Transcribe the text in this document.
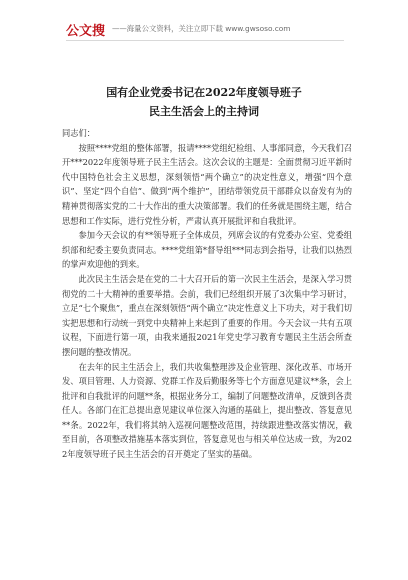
公文搜 ——海量公文资料，关注立即下载 www.gwsoso.com
国有企业党委书记在2022年度领导班子
民主生活会上的主持词

同志们：

按照****党组的整体部署，报请****党组纪检组、人事部同意，今天我们召开***2022年度领导班子民主生活会。这次会议的主题是：全面贯彻习近平新时代中国特色社会主义思想，深刻领悟“两个确立”的决定性意义，增强“四个意识”、坚定“四个自信”、做到“两个维护”，团结带领党员干部群众以奋发有为的精神贯彻落实党的二十大作出的重大决策部署。我们的任务就是围绕主题，结合思想和工作实际，进行党性分析，严肃认真开展批评和自我批评。

参加今天会议的有**领导班子全体成员，列席会议的有党委办公室、党委组织部和纪委主要负责同志。****党组第*督导组***同志到会指导，让我们以热烈的掌声欢迎他的到来。

此次民主生活会是在党的二十大召开后的第一次民主生活会，是深入学习贯彻党的二十大精神的重要举措。会前，我们已经组织开展了3次集中学习研讨，立足“七个聚焦”，重点在深刻领悟“两个确立”决定性意义上下功夫，对于我们切实把思想和行动统一到党中央精神上来起到了重要的作用。今天会议一共有五项议程，下面进行第一项，由我来通报2021年党史学习教育专题民主生活会所查摆问题的整改情况。

在去年的民主生活会上，我们共收集整理涉及企业管理、深化改革、市场开发、项目管理、人力资源、党群工作及后勤服务等七个方面意见建议**条，会上批评和自我批评的问题**条，根据业务分工，编制了问题整改清单，反馈到各责任人。各部门在汇总提出意见建议单位深入沟通的基础上，提出整改、答复意见**条。2022年，我们将其纳入巡视问题整改范围，持续跟进整改落实情况，截至目前，各项整改措施基本落实到位，答复意见也与相关单位达成一致，为2022年度领导班子民主生活会的召开奠定了坚实的基础。
